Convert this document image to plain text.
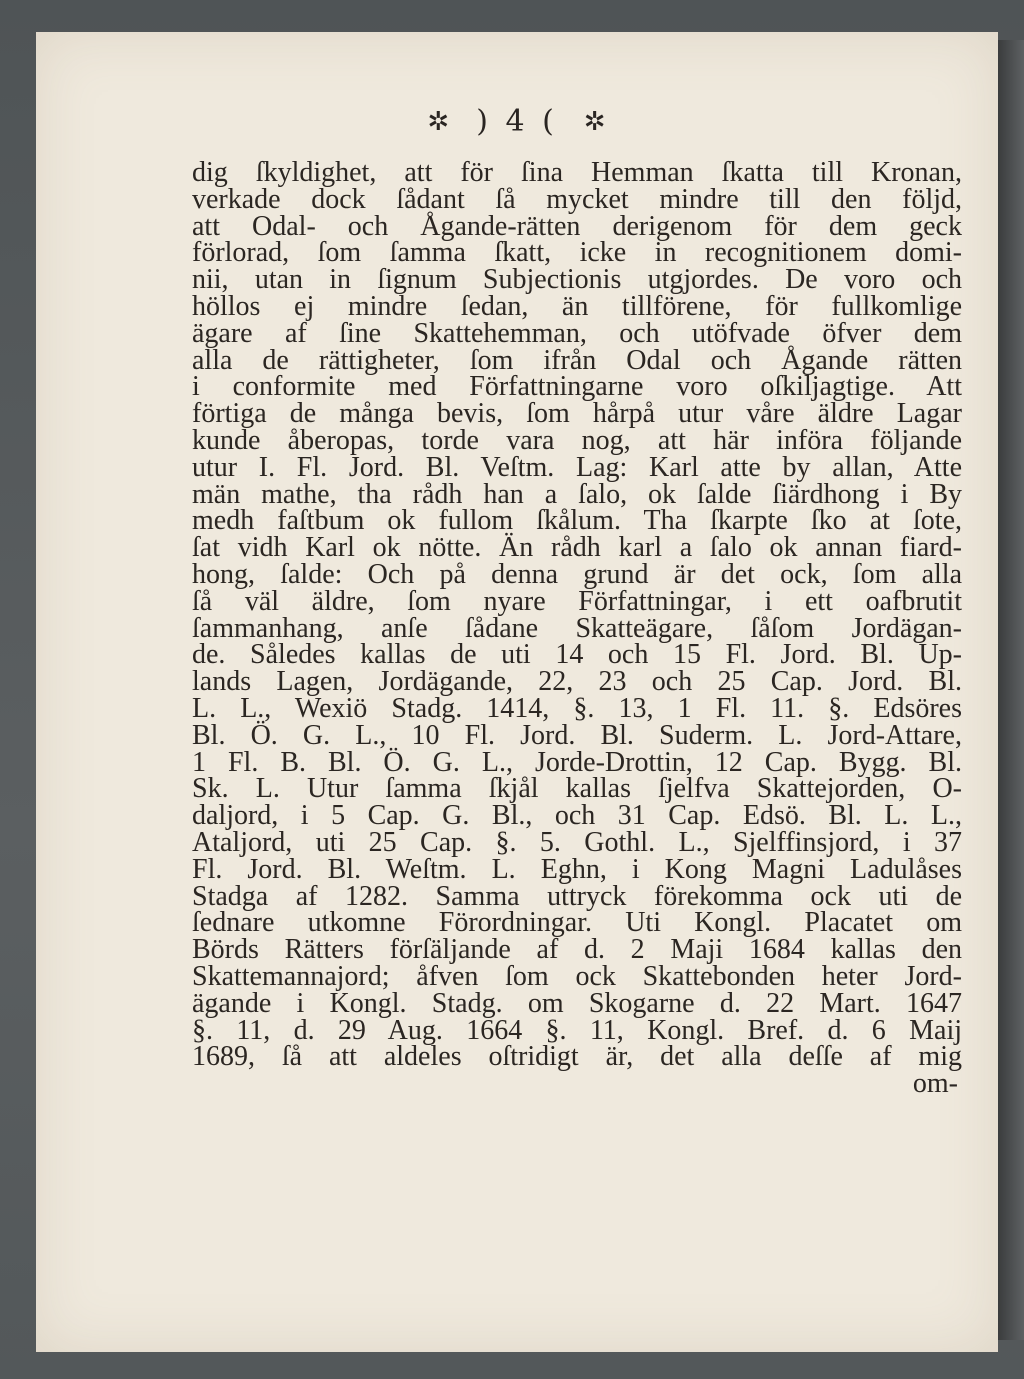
✲ ) 4 ( ✲
dig ſkyldighet, att för ſina Hemman ſkatta till Kronan,
verkade dock ſådant ſå mycket mindre till den följd,
att Odal- och Ågande-rätten derigenom för dem geck
förlorad, ſom ſamma ſkatt, icke in recognitionem domi-
nii, utan in ſignum Subjectionis utgjordes. De voro och
höllos ej mindre ſedan, än tillförene, för fullkomlige
ägare af ſine Skattehemman, och utöfvade öfver dem
alla de rättigheter, ſom ifrån Odal och Ågande rätten
i conformite med Författningarne voro oſkiljagtige. Att
förtiga de många bevis, ſom hårpå utur våre äldre Lagar
kunde åberopas, torde vara nog, att här införa följande
utur I. Fl. Jord. Bl. Veſtm. Lag: Karl atte by allan, Atte
män mathe, tha rådh han a ſalo, ok ſalde ſiärdhong i By
medh faſtbum ok fullom ſkålum. Tha ſkarpte ſko at ſote,
ſat vidh Karl ok nötte. Än rådh karl a ſalo ok annan fiard-
hong, ſalde: Och på denna grund är det ock, ſom alla
ſå väl äldre, ſom nyare Författningar, i ett oafbrutit
ſammanhang, anſe ſådane Skatteägare, ſåſom Jordägan-
de. Således kallas de uti 14 och 15 Fl. Jord. Bl. Up-
lands Lagen, Jordägande, 22, 23 och 25 Cap. Jord. Bl.
L. L., Wexiö Stadg. 1414, §. 13, 1 Fl. 11. §. Edsöres
Bl. Ö. G. L., 10 Fl. Jord. Bl. Suderm. L. Jord-Attare,
1 Fl. B. Bl. Ö. G. L., Jorde-Drottin, 12 Cap. Bygg. Bl.
Sk. L. Utur ſamma ſkjål kallas ſjelfva Skattejorden, O-
daljord, i 5 Cap. G. Bl., och 31 Cap. Edsö. Bl. L. L.,
Ataljord, uti 25 Cap. §. 5. Gothl. L., Sjelffinsjord, i 37
Fl. Jord. Bl. Weſtm. L. Eghn, i Kong Magni Ladulåses
Stadga af 1282. Samma uttryck förekomma ock uti de
ſednare utkomne Förordningar. Uti Kongl. Placatet om
Börds Rätters förſäljande af d. 2 Maji 1684 kallas den
Skattemannajord; åfven ſom ock Skattebonden heter Jord-
ägande i Kongl. Stadg. om Skogarne d. 22 Mart. 1647
§. 11, d. 29 Aug. 1664 §. 11, Kongl. Bref. d. 6 Maij
1689, ſå att aldeles oſtridigt är, det alla deſſe af mig
om-
